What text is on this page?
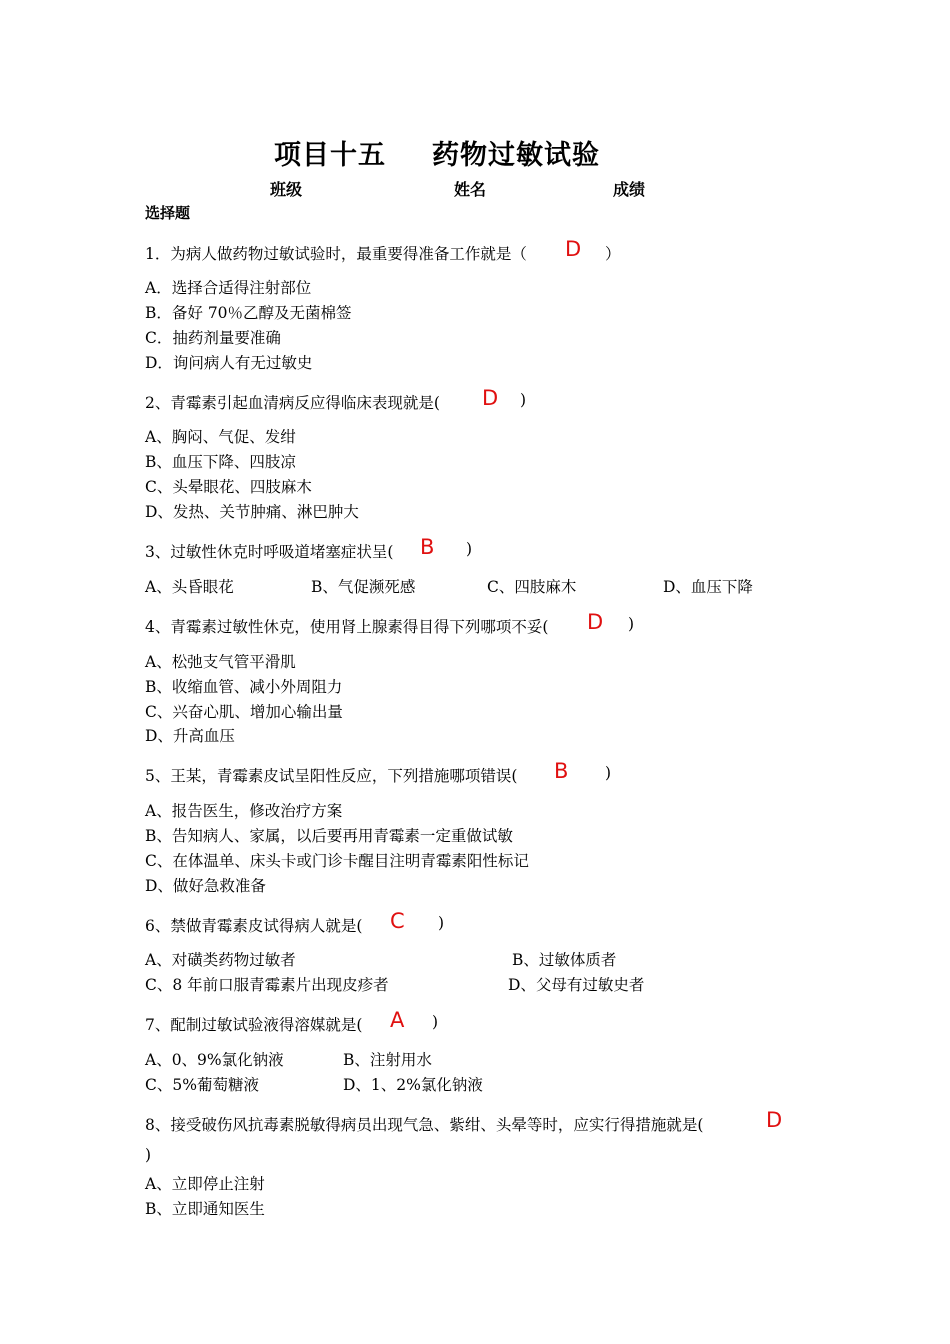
项目十五 药物过敏试验
班级	姓名	成绩
选择题
1．为病人做药物过敏试验时，最重要得准备工作就是（ D ）
A．选择合适得注射部位
B．备好 70％乙醇及无菌棉签
C．抽药剂量要准确
D．询问病人有无过敏史
2、青霉素引起血清病反应得临床表现就是( D )
A、胸闷、气促、发绀
B、血压下降、四肢凉
C、头晕眼花、四肢麻木
D、发热、关节肿痛、淋巴肿大
3、过敏性休克时呼吸道堵塞症状呈( B )
A、头昏眼花	B、气促濒死感	C、四肢麻木	D、血压下降
4、青霉素过敏性休克，使用肾上腺素得目得下列哪项不妥( D )
A、松弛支气管平滑肌
B、收缩血管、减小外周阻力
C、兴奋心肌、增加心输出量
D、升高血压
5、王某，青霉素皮试呈阳性反应，下列措施哪项错误( B )
A、报告医生，修改治疗方案
B、告知病人、家属，以后要再用青霉素一定重做试敏
C、在体温单、床头卡或门诊卡醒目注明青霉素阳性标记
D、做好急救准备
6、禁做青霉素皮试得病人就是( C )
A、对磺类药物过敏者	B、过敏体质者
C、8 年前口服青霉素片出现皮疹者	D、父母有过敏史者
7、配制过敏试验液得溶媒就是( A )
A、0、9%氯化钠液	B、注射用水
C、5%葡萄糖液	D、1、2%氯化钠液
8、接受破伤风抗毒素脱敏得病员出现气急、紫绀、头晕等时，应实行得措施就是(	D
)
A、立即停止注射
B、立即通知医生
